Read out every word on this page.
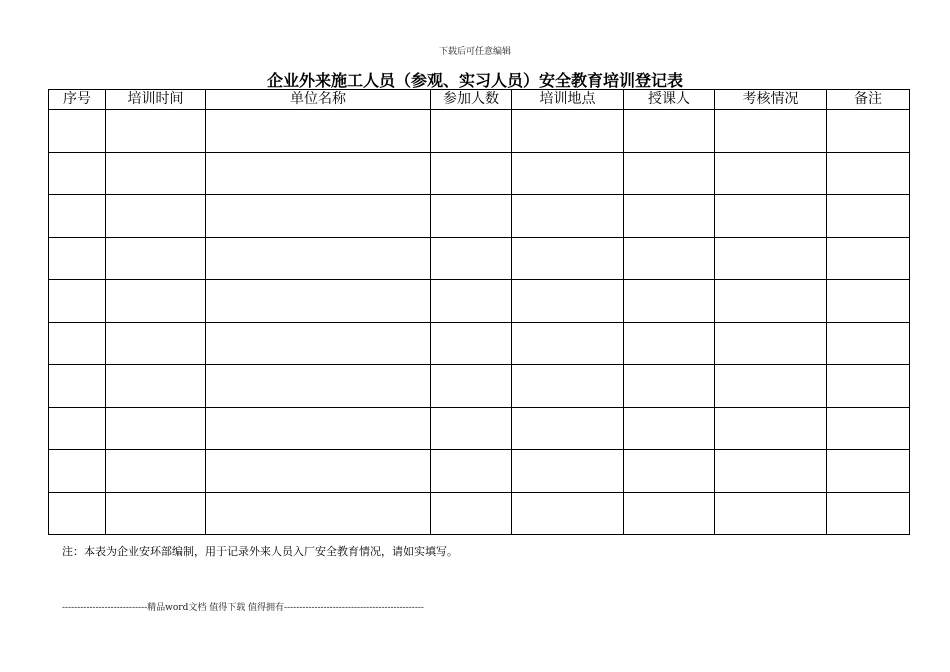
下载后可任意编辑
企业外来施工人员（参观、实习人员）安全教育培训登记表
序号	培训时间	单位名称	参加人数	培训地点	授课人	考核情况	备注

注：本表为企业安环部编制，用于记录外来人员入厂安全教育情况，请如实填写。
----------------------------精品word文档 值得下载 值得拥有----------------------------------------------
